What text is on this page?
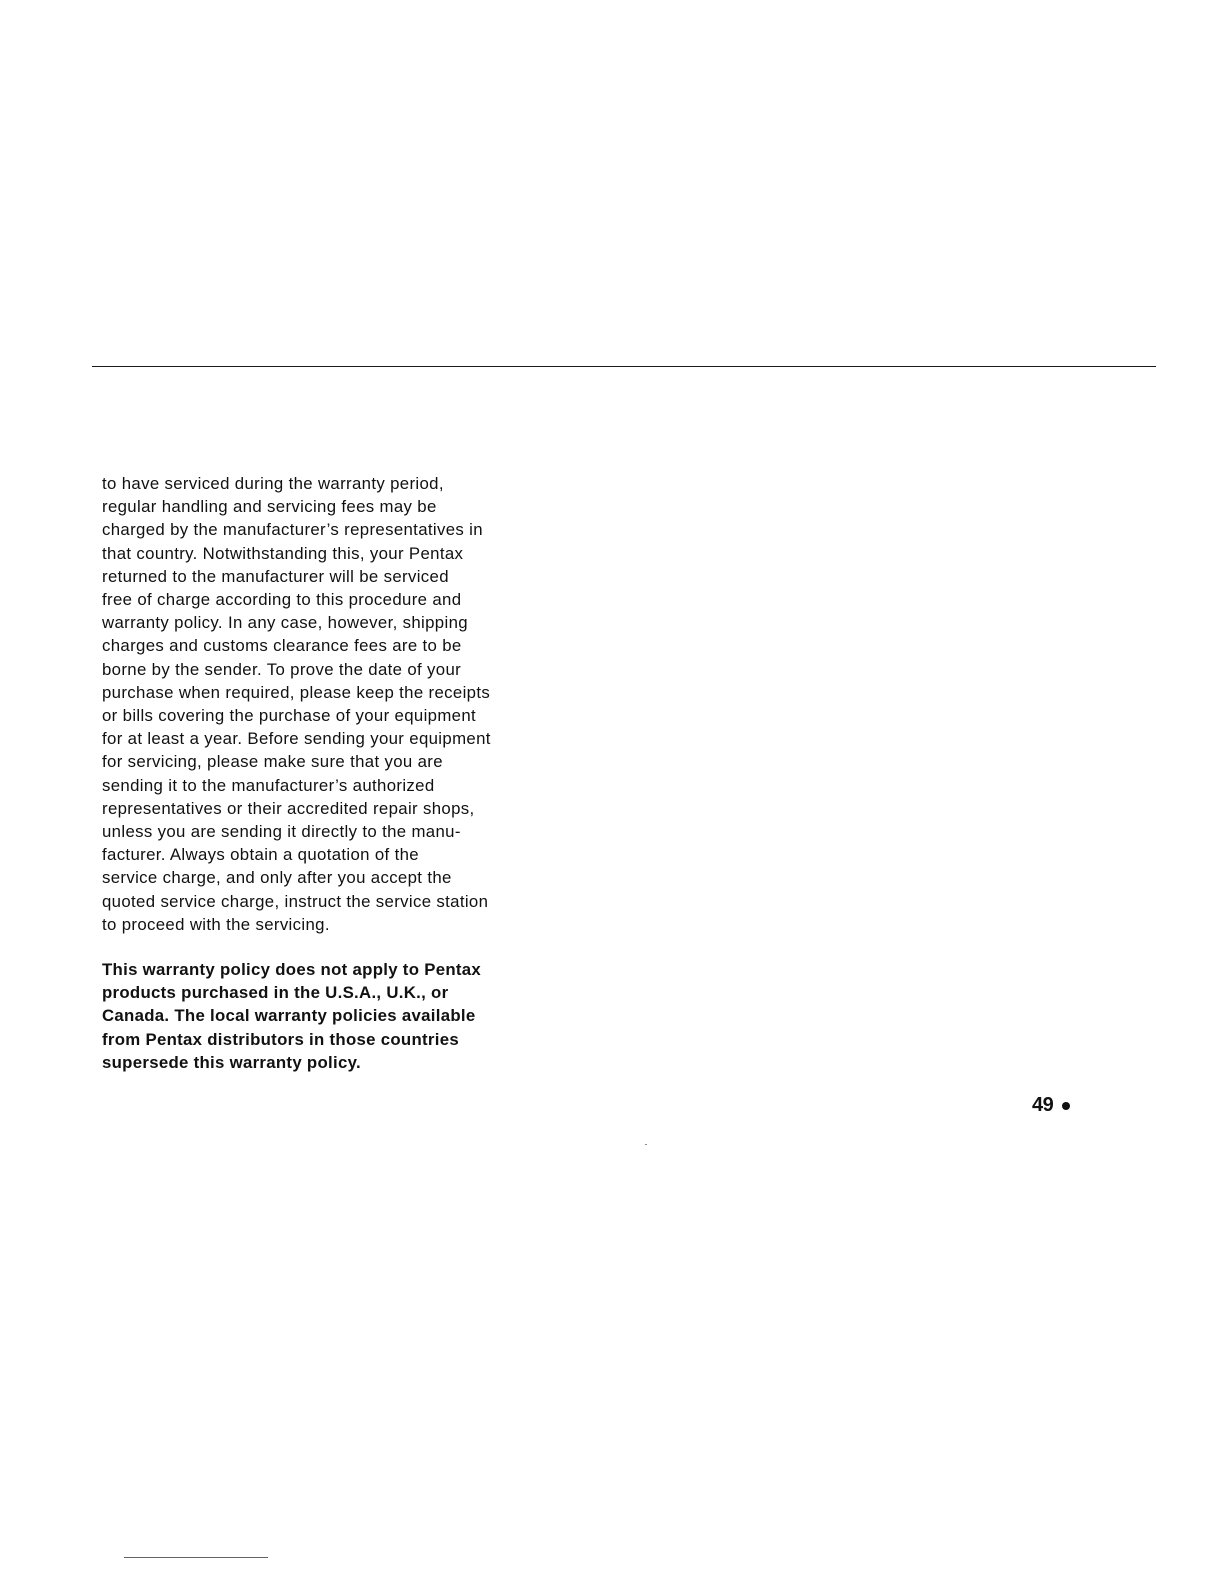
to have serviced during the warranty period,
regular handling and servicing fees may be
charged by the manufacturer’s representatives in
that country. Notwithstanding this, your Pentax
returned to the manufacturer will be serviced
free of charge according to this procedure and
warranty policy. In any case, however, shipping
charges and customs clearance fees are to be
borne by the sender. To prove the date of your
purchase when required, please keep the receipts
or bills covering the purchase of your equipment
for at least a year. Before sending your equipment
for servicing, please make sure that you are
sending it to the manufacturer’s authorized
representatives or their accredited repair shops,
unless you are sending it directly to the manu-
facturer. Always obtain a quotation of the
service charge, and only after you accept the
quoted service charge, instruct the service station
to proceed with the servicing.
This warranty policy does not apply to Pentax
products purchased in the U.S.A., U.K., or
Canada. The local warranty policies available
from Pentax distributors in those countries
supersede this warranty policy.
49
